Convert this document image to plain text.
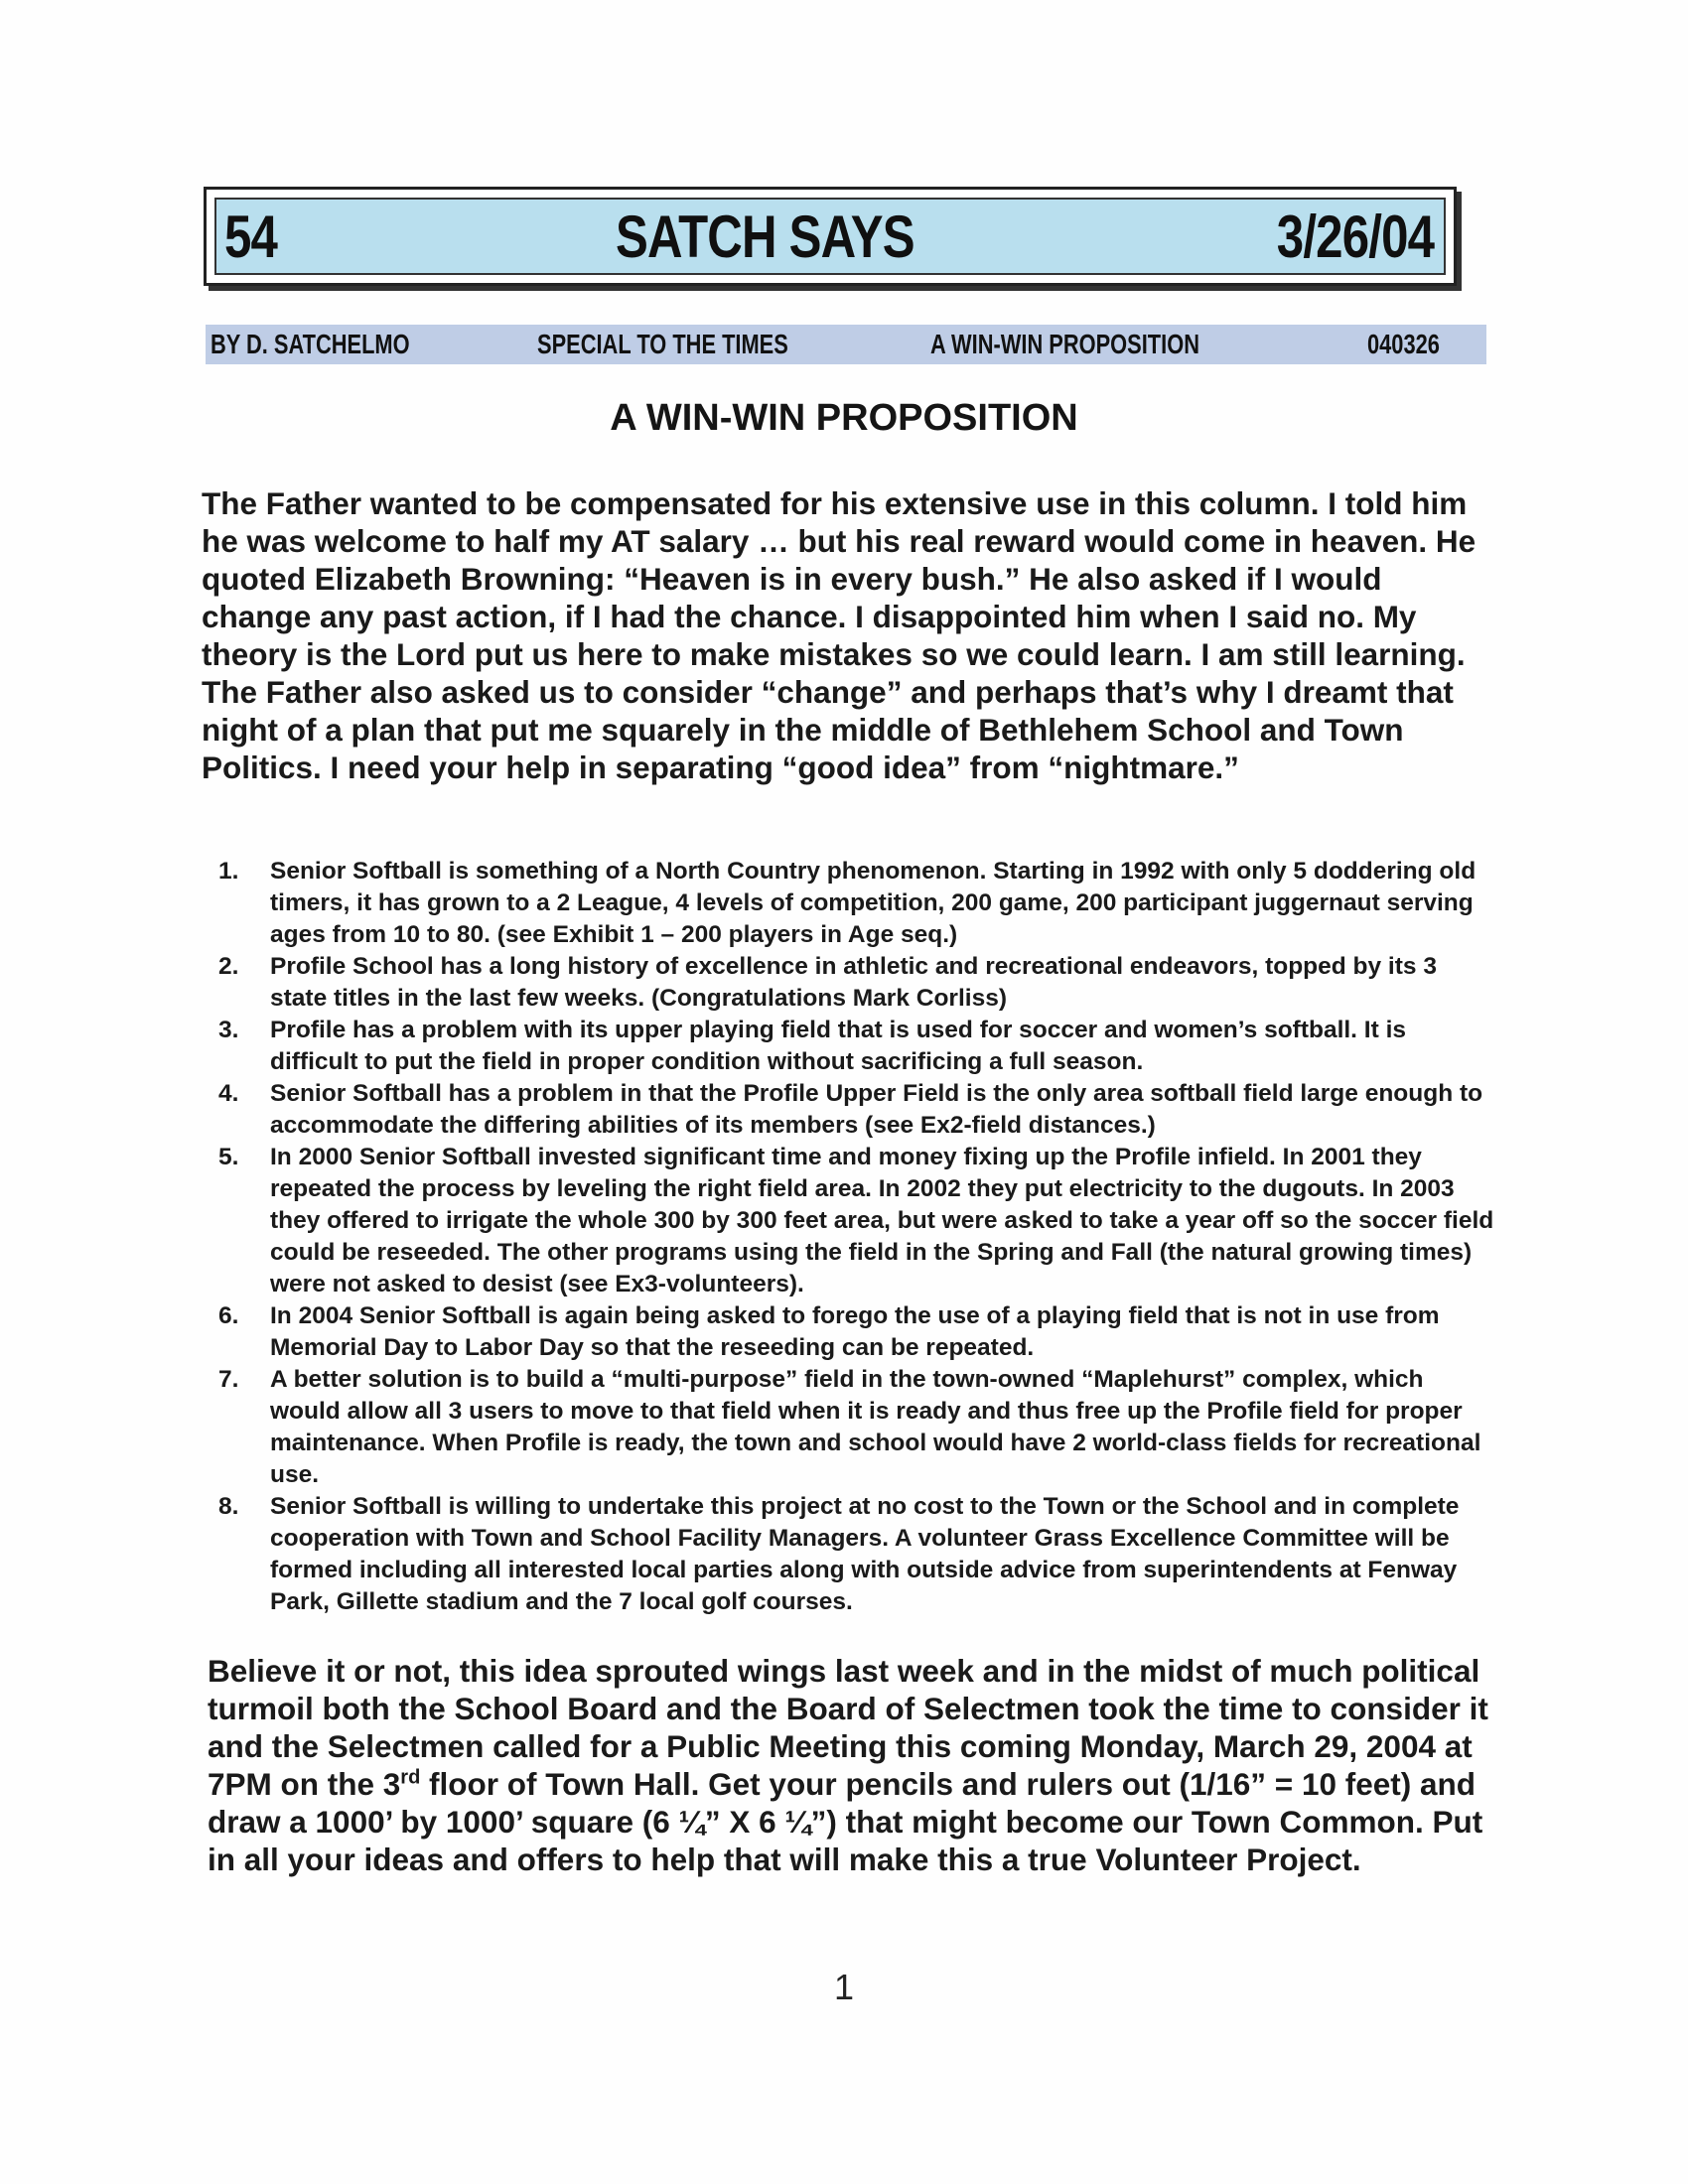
54	SATCH SAYS	3/26/04
BY D. SATCHELMO	SPECIAL TO THE TIMES	A WIN-WIN PROPOSITION	040326
A WIN-WIN PROPOSITION

The Father wanted to be compensated for his extensive use in this column. I told him he was welcome to half my AT salary … but his real reward would come in heaven. He quoted Elizabeth Browning: “Heaven is in every bush.” He also asked if I would change any past action, if I had the chance. I disappointed him when I said no. My theory is the Lord put us here to make mistakes so we could learn. I am still learning.

The Father also asked us to consider “change” and perhaps that’s why I dreamt that night of a plan that put me squarely in the middle of Bethlehem School and Town Politics. I need your help in separating “good idea” from “nightmare.”

1. Senior Softball is something of a North Country phenomenon. Starting in 1992 with only 5 doddering old timers, it has grown to a 2 League, 4 levels of competition, 200 game, 200 participant juggernaut serving ages from 10 to 80. (see Exhibit 1 – 200 players in Age seq.)
2. Profile School has a long history of excellence in athletic and recreational endeavors, topped by its 3 state titles in the last few weeks. (Congratulations Mark Corliss)
3. Profile has a problem with its upper playing field that is used for soccer and women’s softball. It is difficult to put the field in proper condition without sacrificing a full season.
4. Senior Softball has a problem in that the Profile Upper Field is the only area softball field large enough to accommodate the differing abilities of its members (see Ex2-field distances.)
5. In 2000 Senior Softball invested significant time and money fixing up the Profile infield. In 2001 they repeated the process by leveling the right field area. In 2002 they put electricity to the dugouts. In 2003 they offered to irrigate the whole 300 by 300 feet area, but were asked to take a year off so the soccer field could be reseeded. The other programs using the field in the Spring and Fall (the natural growing times) were not asked to desist (see Ex3-volunteers).
6. In 2004 Senior Softball is again being asked to forego the use of a playing field that is not in use from Memorial Day to Labor Day so that the reseeding can be repeated.
7. A better solution is to build a “multi-purpose” field in the town-owned “Maplehurst” complex, which would allow all 3 users to move to that field when it is ready and thus free up the Profile field for proper maintenance. When Profile is ready, the town and school would have 2 world-class fields for recreational use.
8. Senior Softball is willing to undertake this project at no cost to the Town or the School and in complete cooperation with Town and School Facility Managers. A volunteer Grass Excellence Committee will be formed including all interested local parties along with outside advice from superintendents at Fenway Park, Gillette stadium and the 7 local golf courses.

Believe it or not, this idea sprouted wings last week and in the midst of much political turmoil both the School Board and the Board of Selectmen took the time to consider it and the Selectmen called for a Public Meeting this coming Monday, March 29, 2004 at 7PM on the 3rd floor of Town Hall. Get your pencils and rulers out (1/16” = 10 feet) and draw a 1000’ by 1000’ square (6 ¼” X 6 ¼”) that might become our Town Common. Put in all your ideas and offers to help that will make this a true Volunteer Project.

1
